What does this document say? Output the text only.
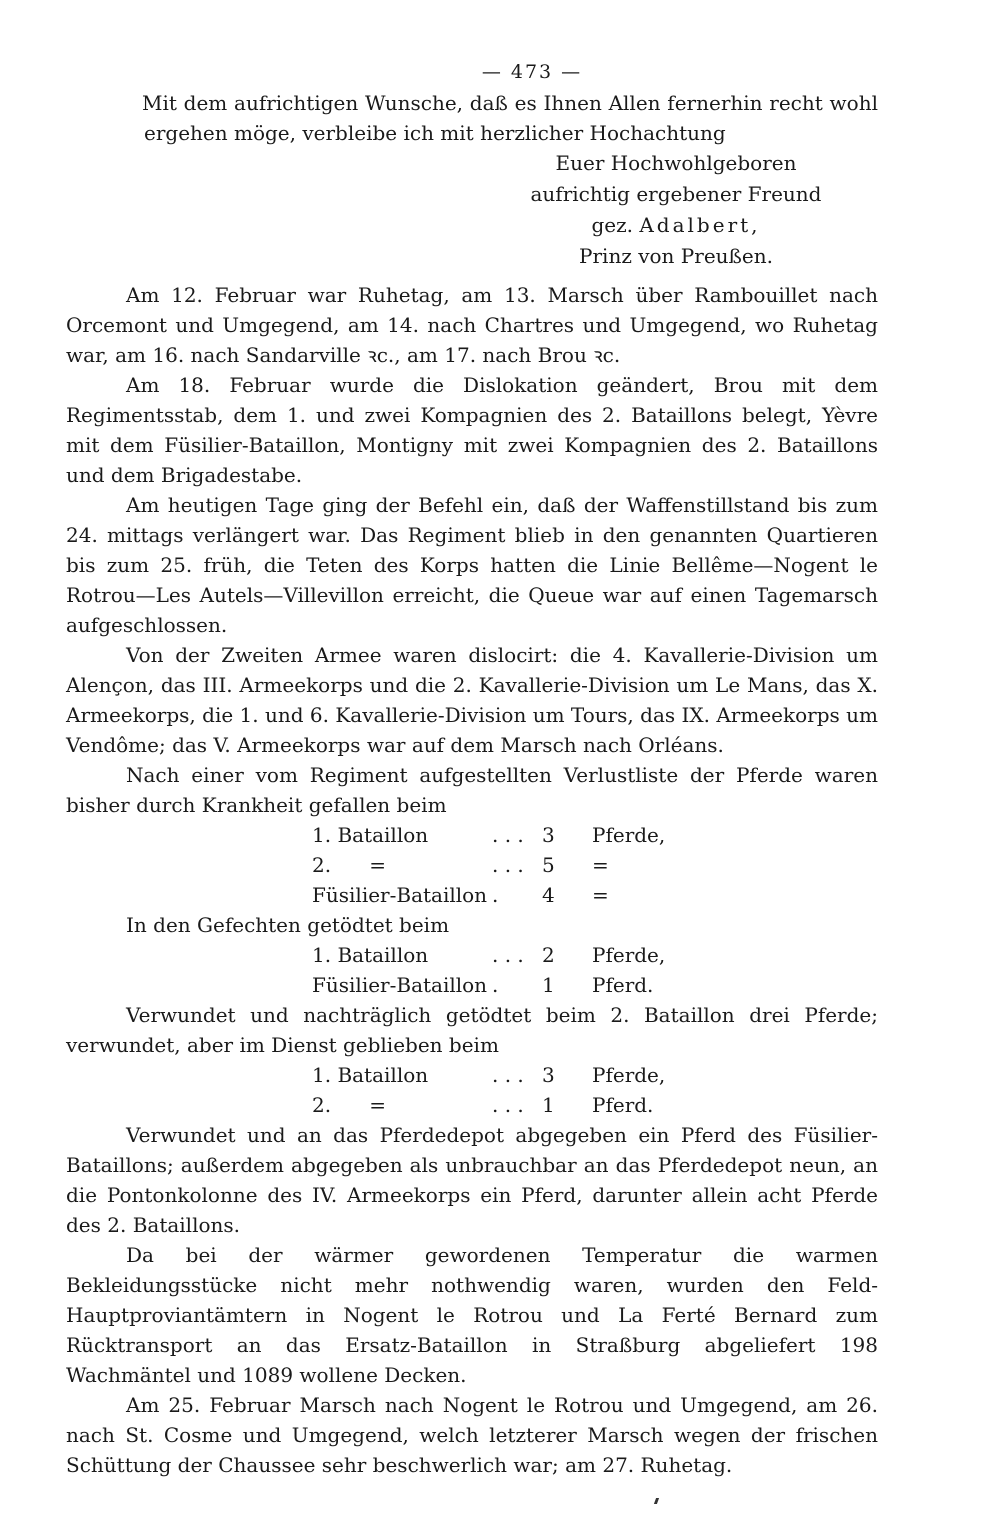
— 473 —

Mit dem aufrichtigen Wunsche, daß es Ihnen Allen fernerhin recht wohl ergehen möge, verbleibe ich mit herzlicher Hochachtung

Euer Hochwohlgeboren
aufrichtig ergebener Freund
gez. Adalbert,
Prinz von Preußen.

Am 12. Februar war Ruhetag, am 13. Marsch über Rambouillet nach Orcemont und Umgegend, am 14. nach Chartres und Umgegend, wo Ruhetag war, am 16. nach Sandarville ꝛc., am 17. nach Brou ꝛc.

Am 18. Februar wurde die Dislokation geändert, Brou mit dem Regimentsstab, dem 1. und zwei Kompagnien des 2. Bataillons belegt, Yèvre mit dem Füsilier-Bataillon, Montigny mit zwei Kompagnien des 2. Bataillons und dem Brigadestabe.

Am heutigen Tage ging der Befehl ein, daß der Waffenstillstand bis zum 24. mittags verlängert war. Das Regiment blieb in den genannten Quartieren bis zum 25. früh, die Teten des Korps hatten die Linie Bellême—Nogent le Rotrou—Les Autels—Villevillon erreicht, die Queue war auf einen Tagemarsch aufgeschlossen.

Von der Zweiten Armee waren dislocirt: die 4. Kavallerie-Division um Alençon, das III. Armeekorps und die 2. Kavallerie-Division um Le Mans, das X. Armeekorps, die 1. und 6. Kavallerie-Division um Tours, das IX. Armeekorps um Vendôme; das V. Armeekorps war auf dem Marsch nach Orléans.

Nach einer vom Regiment aufgestellten Verlustliste der Pferde waren bisher durch Krankheit gefallen beim

1. Bataillon	. . . 3	Pferde,
2.      =	. . . 5	=
Füsilier-Bataillon .	4	=
In den Gefechten getödtet beim
1. Bataillon	. . . 2	Pferde,
Füsilier-Bataillon .	1	Pferd.

Verwundet und nachträglich getödtet beim 2. Bataillon drei Pferde; verwundet, aber im Dienst geblieben beim

1. Bataillon	. . . 3	Pferde,
2.      =	. . . 1	Pferd.

Verwundet und an das Pferdedepot abgegeben ein Pferd des Füsilier-Bataillons; außerdem abgegeben als unbrauchbar an das Pferdedepot neun, an die Pontonkolonne des IV. Armeekorps ein Pferd, darunter allein acht Pferde des 2. Bataillons.

Da bei der wärmer gewordenen Temperatur die warmen Bekleidungsstücke nicht mehr nothwendig waren, wurden den Feld-Hauptproviantämtern in Nogent le Rotrou und La Ferté Bernard zum Rücktransport an das Ersatz-Bataillon in Straßburg abgeliefert 198 Wachmäntel und 1089 wollene Decken.

Am 25. Februar Marsch nach Nogent le Rotrou und Umgegend, am 26. nach St. Cosme und Umgegend, welch letzterer Marsch wegen der frischen Schüttung der Chaussee sehr beschwerlich war; am 27. Ruhetag.
